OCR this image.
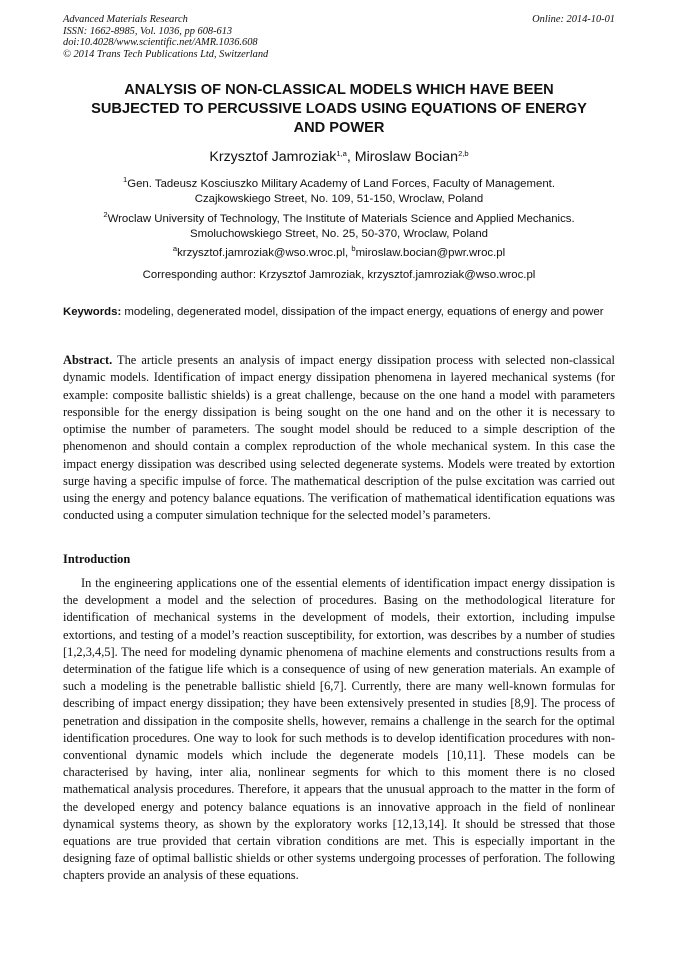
Advanced Materials Research
ISSN: 1662-8985, Vol. 1036, pp 608-613
doi:10.4028/www.scientific.net/AMR.1036.608
© 2014 Trans Tech Publications Ltd, Switzerland
Online: 2014-10-01
ANALYSIS OF NON-CLASSICAL MODELS WHICH HAVE BEEN
SUBJECTED TO PERCUSSIVE LOADS USING EQUATIONS OF ENERGY
AND POWER
Krzysztof Jamroziak$^{1,a}$, Miroslaw Bocian$^{2,b}$
$^1$Gen. Tadeusz Kosciuszko Military Academy of Land Forces, Faculty of Management.
Czajkowskiego Street, No. 109, 51-150, Wroclaw, Poland
$^2$Wroclaw University of Technology, The Institute of Materials Science and Applied Mechanics.
Smoluchowskiego Street, No. 25, 50-370, Wroclaw, Poland
$^a$krzysztof.jamroziak@wso.wroc.pl, $^b$miroslaw.bocian@pwr.wroc.pl
Corresponding author: Krzysztof Jamroziak, krzysztof.jamroziak@wso.wroc.pl
Keywords: modeling, degenerated model, dissipation of the impact energy, equations of energy and power
Abstract. The article presents an analysis of impact energy dissipation process with selected non-classical dynamic models. Identification of impact energy dissipation phenomena in layered mechanical systems (for example: composite ballistic shields) is a great challenge, because on the one hand a model with parameters responsible for the energy dissipation is being sought on the one hand and on the other it is necessary to optimise the number of parameters. The sought model should be reduced to a simple description of the phenomenon and should contain a complex reproduction of the whole mechanical system. In this case the impact energy dissipation was described using selected degenerate systems. Models were treated by extortion surge having a specific impulse of force. The mathematical description of the pulse excitation was carried out using the energy and potency balance equations. The verification of mathematical identification equations was conducted using a computer simulation technique for the selected model’s parameters.
Introduction
In the engineering applications one of the essential elements of identification impact energy dissipation is the development a model and the selection of procedures. Basing on the methodological literature for identification of mechanical systems in the development of models, their extortion, including impulse extortions, and testing of a model’s reaction susceptibility, for extortion, was describes by a number of studies [1,2,3,4,5]. The need for modeling dynamic phenomena of machine elements and constructions results from a determination of the fatigue life which is a consequence of using of new generation materials. An example of such a modeling is the penetrable ballistic shield [6,7]. Currently, there are many well-known formulas for describing of impact energy dissipation; they have been extensively presented in studies [8,9]. The process of penetration and dissipation in the composite shells, however, remains a challenge in the search for the optimal identification procedures. One way to look for such methods is to develop identification procedures with non-conventional dynamic models which include the degenerate models [10,11]. These models can be characterised by having, inter alia, nonlinear segments for which to this moment there is no closed mathematical analysis procedures. Therefore, it appears that the unusual approach to the matter in the form of the developed energy and potency balance equations is an innovative approach in the field of nonlinear dynamical systems theory, as shown by the exploratory works [12,13,14]. It should be stressed that those equations are true provided that certain vibration conditions are met. This is especially important in the designing faze of optimal ballistic shields or other systems undergoing processes of perforation. The following chapters provide an analysis of these equations.
